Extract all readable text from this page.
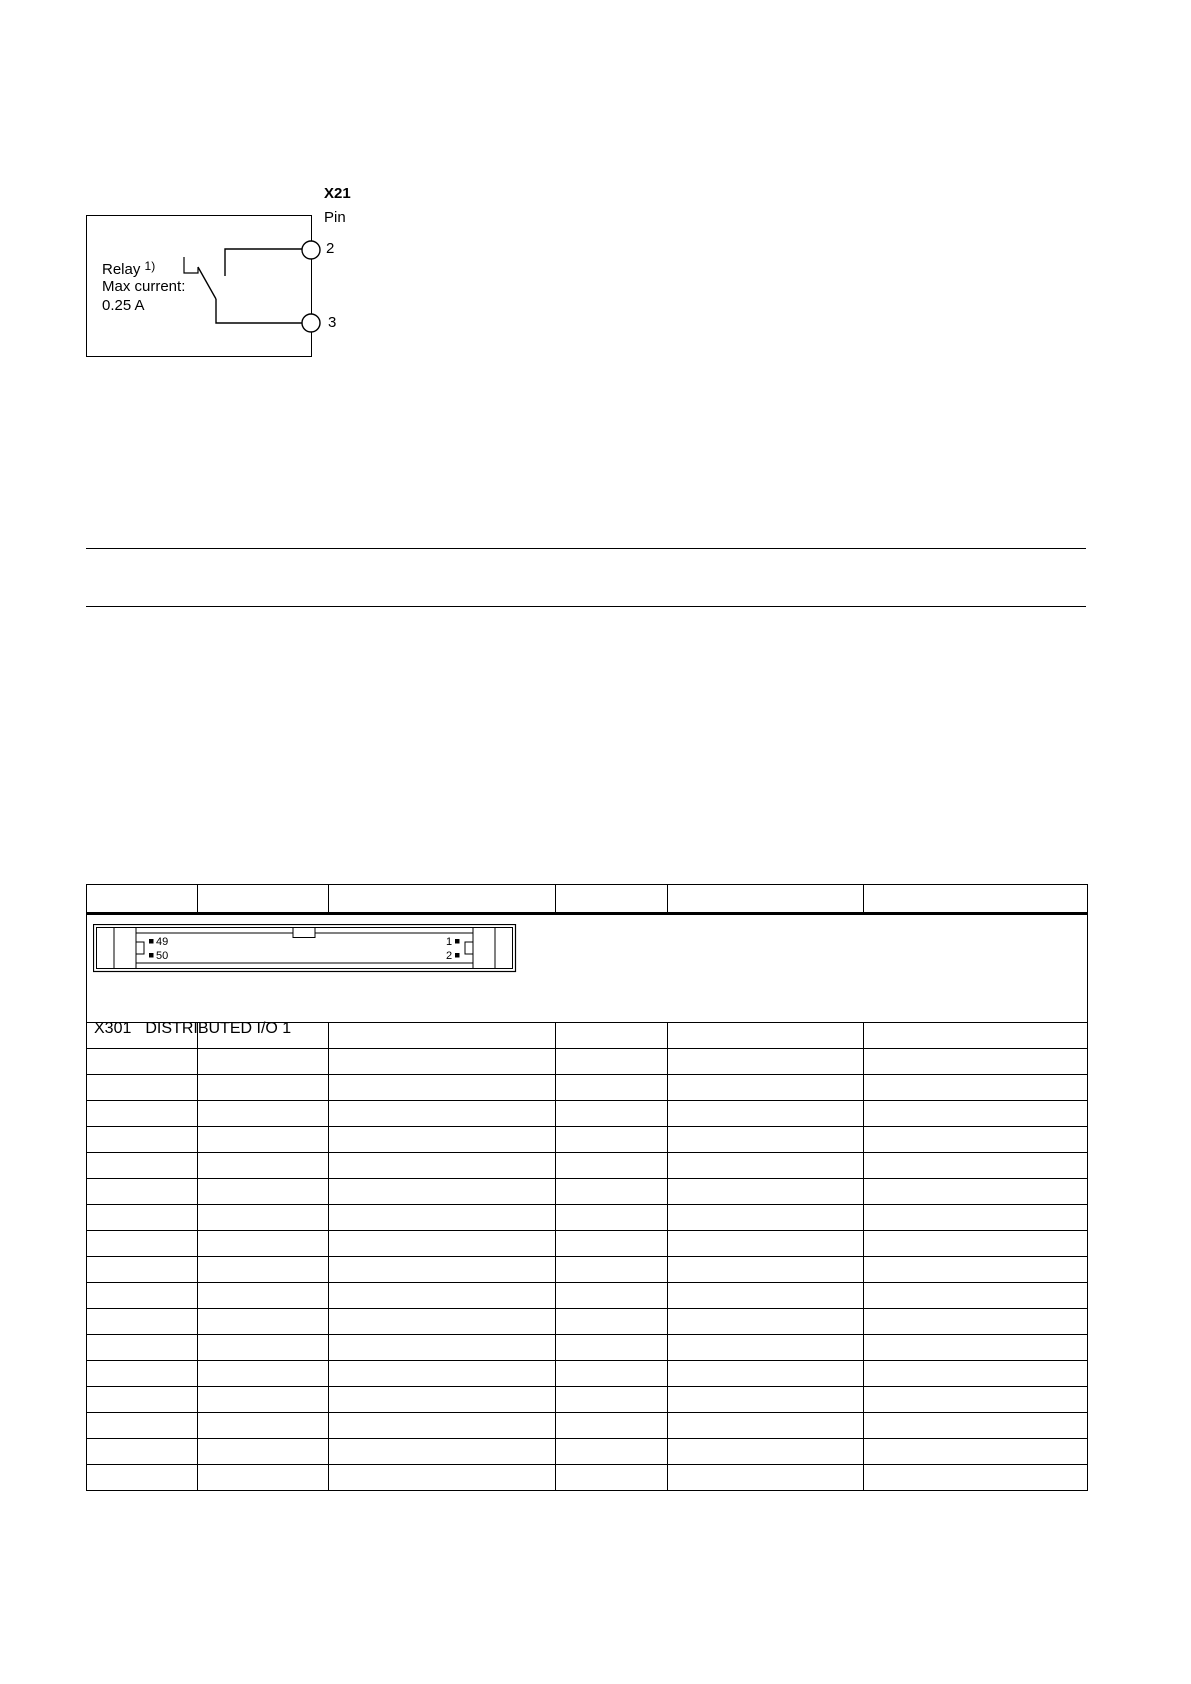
X21
Pin
2
3
Relay $^{1)}$
Max current:
0.25 A

49
50
1
2
X301 DISTRIBUTED I/O 1					
